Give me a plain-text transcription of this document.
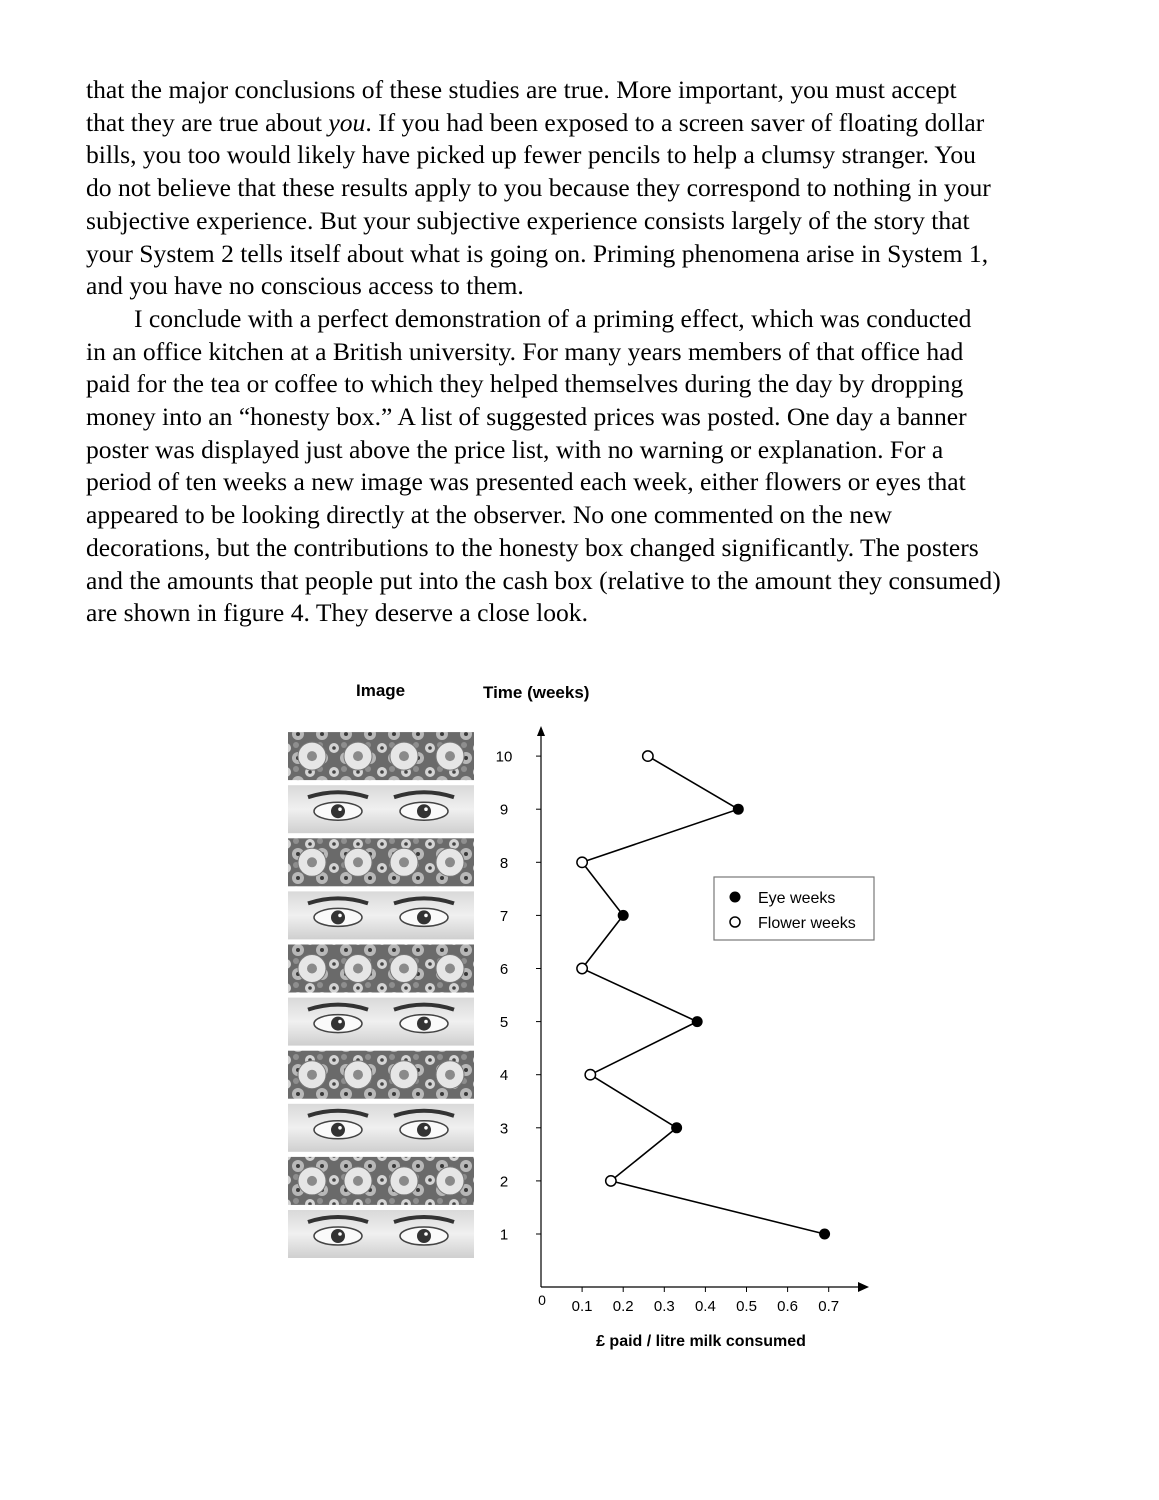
that the major conclusions of these studies are true. More important, you must accept
that they are true about you. If you had been exposed to a screen saver of floating dollar
bills, you too would likely have picked up fewer pencils to help a clumsy stranger. You
do not believe that these results apply to you because they correspond to nothing in your
subjective experience. But your subjective experience consists largely of the story that
your System 2 tells itself about what is going on. Priming phenomena arise in System 1,
and you have no conscious access to them.
I conclude with a perfect demonstration of a priming effect, which was conducted
in an office kitchen at a British university. For many years members of that office had
paid for the tea or coffee to which they helped themselves during the day by dropping
money into an “honesty box.” A list of suggested prices was posted. One day a banner
poster was displayed just above the price list, with no warning or explanation. For a
period of ten weeks a new image was presented each week, either flowers or eyes that
appeared to be looking directly at the observer. No one commented on the new
decorations, but the contributions to the honesty box changed significantly. The posters
and the amounts that people put into the cash box (relative to the amount they consumed)
are shown in figure 4. They deserve a close look.
Image	Time (weeks)
1
2
3
4
5
6
7
8
9
10
0.1 0.2 0.3 0.4 0.5 0.6 0.7
0
Eye weeks
Flower weeks
£ paid / litre milk consumed
